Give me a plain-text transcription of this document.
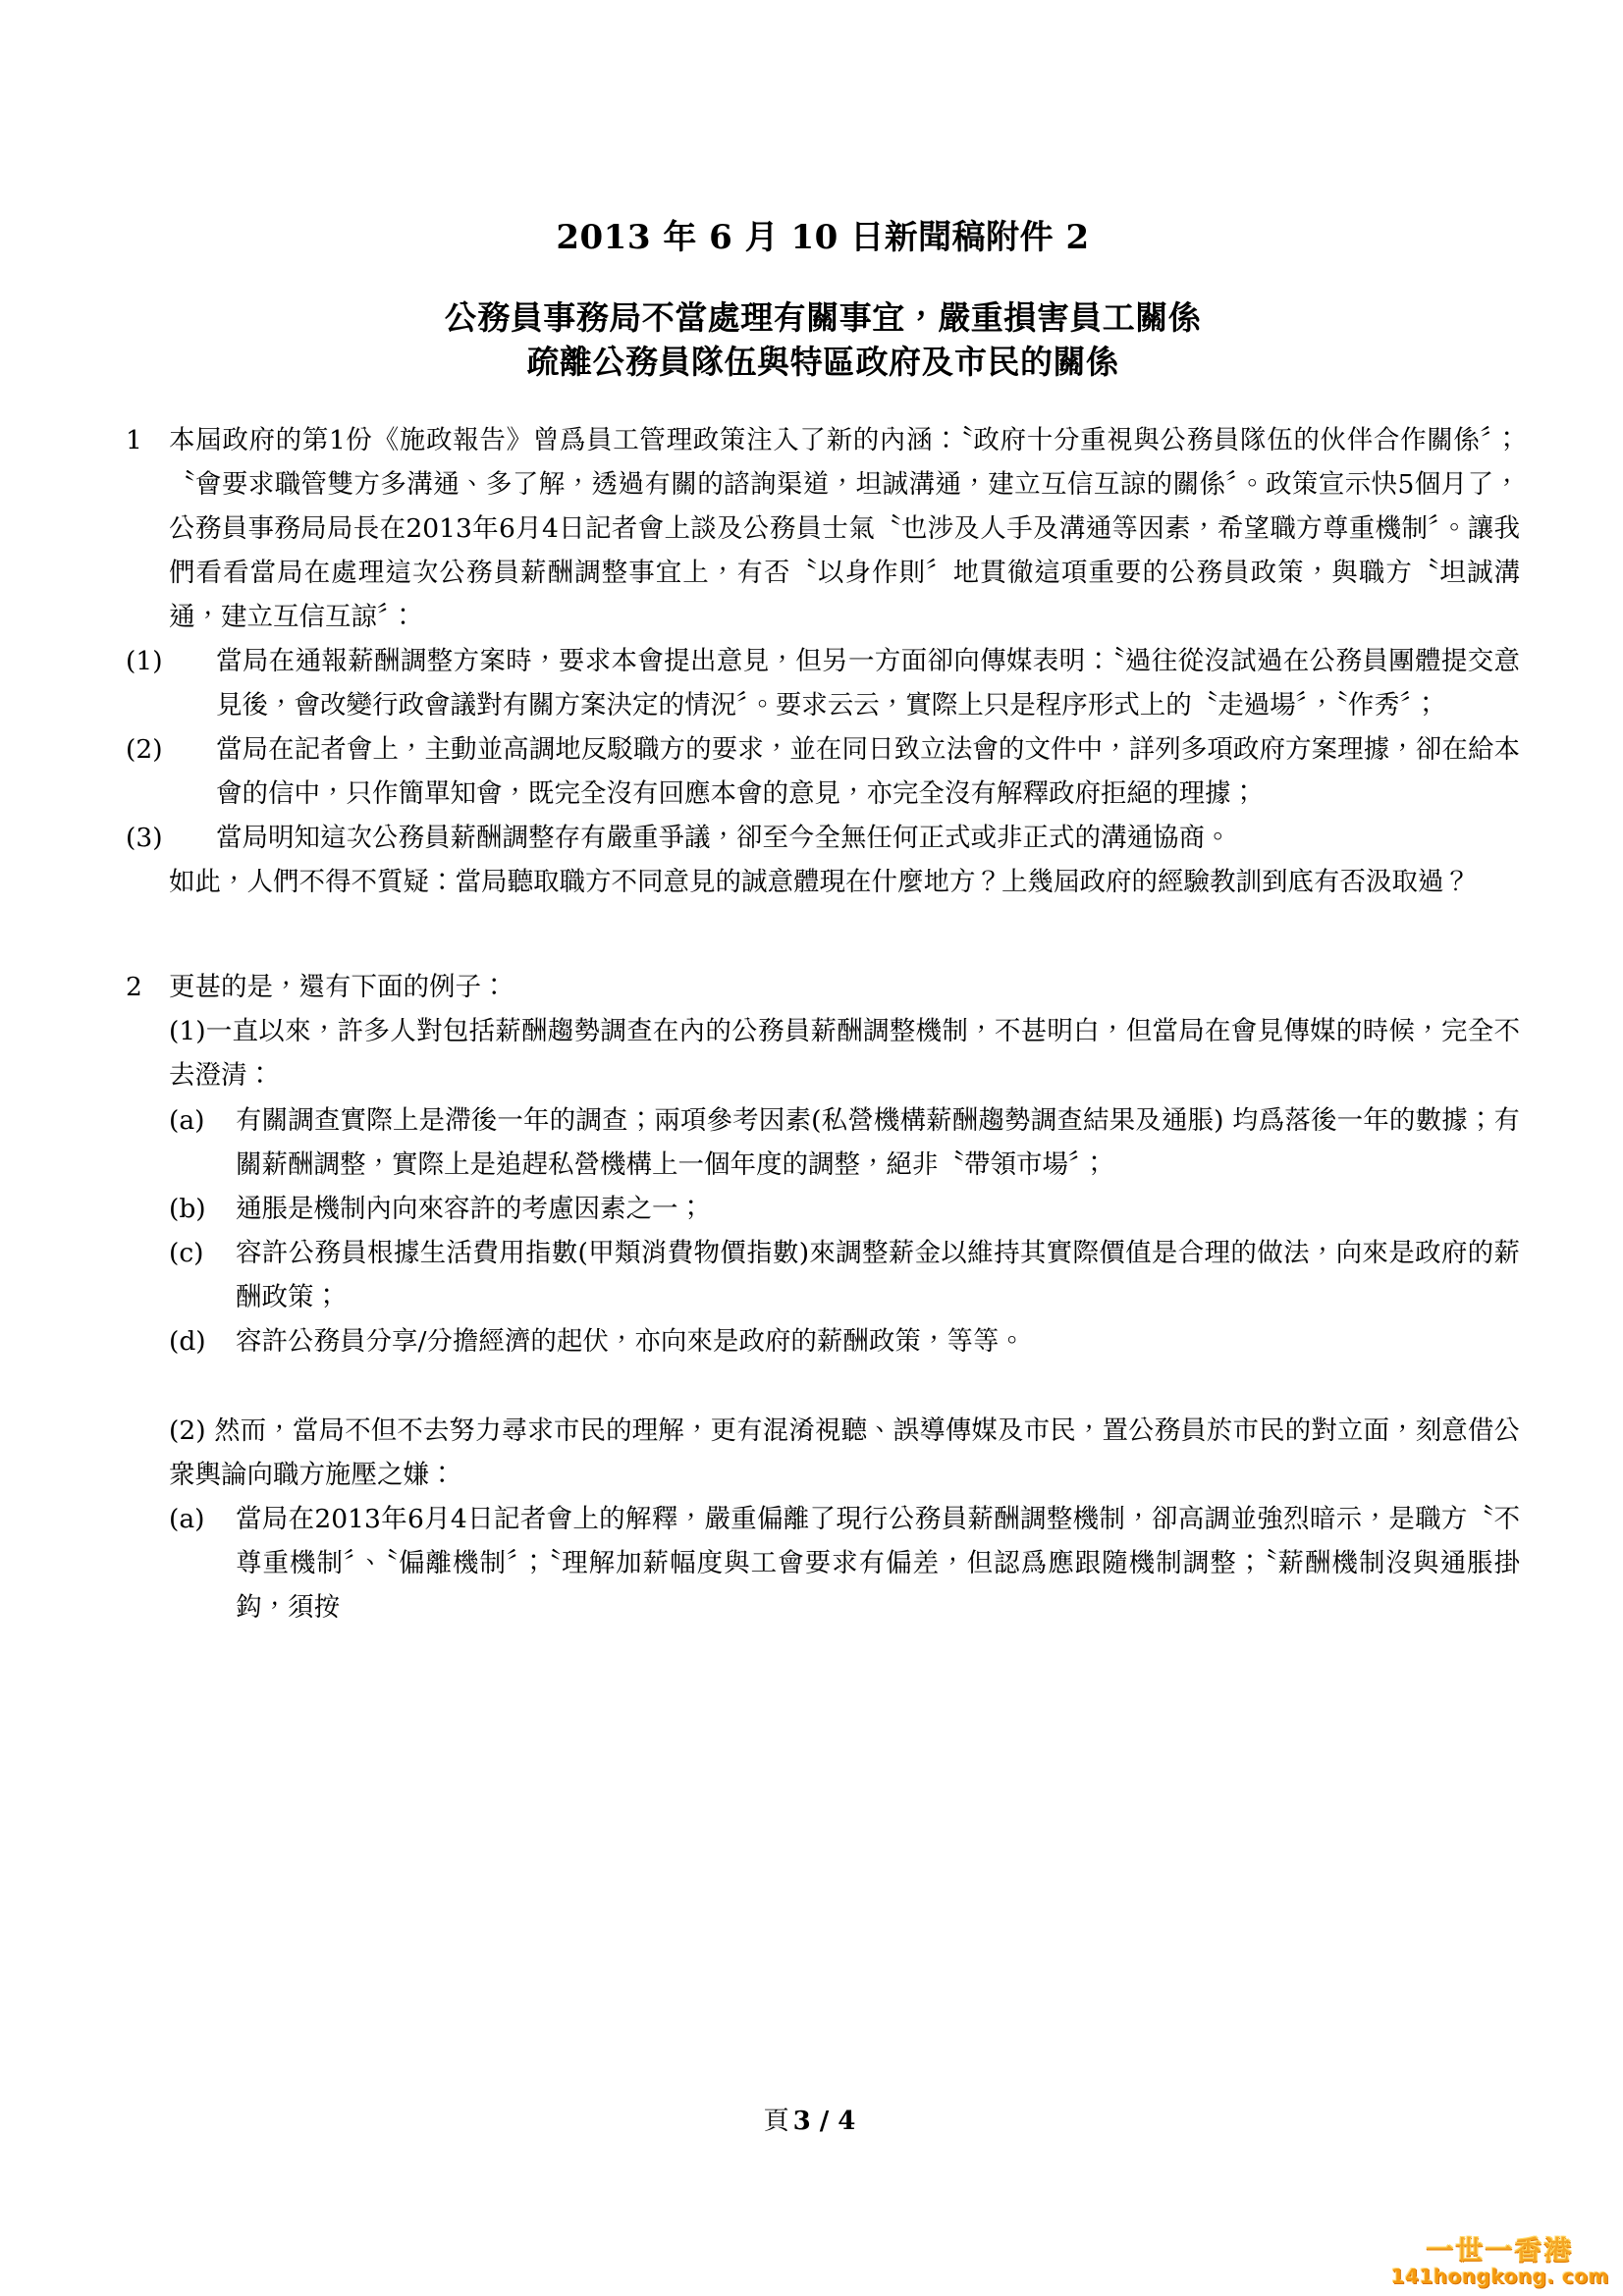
2013 年 6 月 10 日新聞稿附件 2
公務員事務局不當處理有關事宜，嚴重損害員工關係
疏離公務員隊伍與特區政府及市民的關係
1 本屆政府的第1份《施政報告》曾爲員工管理政策注入了新的內涵：〝政府十分重視與公務員隊伍的伙伴合作關係〞；〝會要求職管雙方多溝通、多了解，透過有關的諮詢渠道，坦誠溝通，建立互信互諒的關係〞。政策宣示快5個月了，公務員事務局局長在2013年6月4日記者會上談及公務員士氣〝也涉及人手及溝通等因素，希望職方尊重機制〞。讓我們看看當局在處理這次公務員薪酬調整事宜上，有否〝以身作則〞地貫徹這項重要的公務員政策，與職方〝坦誠溝通，建立互信互諒〞：
(1)	當局在通報薪酬調整方案時，要求本會提出意見，但另一方面卻向傳媒表明：〝過往從沒試過在公務員團體提交意見後，會改變行政會議對有關方案決定的情況〞。要求云云，實際上只是程序形式上的〝走過場〞，〝作秀〞；
(2)	當局在記者會上，主動並高調地反駁職方的要求，並在同日致立法會的文件中，詳列多項政府方案理據，卻在給本會的信中，只作簡單知會，既完全沒有回應本會的意見，亦完全沒有解釋政府拒絕的理據；
(3)	當局明知這次公務員薪酬調整存有嚴重爭議，卻至今全無任何正式或非正式的溝通協商。
如此，人們不得不質疑：當局聽取職方不同意見的誠意體現在什麼地方？上幾屆政府的經驗教訓到底有否汲取過？
2 更甚的是，還有下面的例子：
(1)一直以來，許多人對包括薪酬趨勢調查在內的公務員薪酬調整機制，不甚明白，但當局在會見傳媒的時候，完全不去澄清：
(a)	有關調查實際上是滯後一年的調查；兩項參考因素(私營機構薪酬趨勢調查結果及通脹) 均爲落後一年的數據；有關薪酬調整，實際上是追趕私營機構上一個年度的調整，絕非〝帶領市場〞；
(b)	通脹是機制內向來容許的考慮因素之一；
(c)	容許公務員根據生活費用指數(甲類消費物價指數)來調整薪金以維持其實際價值是合理的做法，向來是政府的薪酬政策；
(d)	容許公務員分享/分擔經濟的起伏，亦向來是政府的薪酬政策，等等。
(2) 然而，當局不但不去努力尋求市民的理解，更有混淆視聽、誤導傳媒及市民，置公務員於市民的對立面，刻意借公衆輿論向職方施壓之嫌：
(a)	當局在2013年6月4日記者會上的解釋，嚴重偏離了現行公務員薪酬調整機制，卻高調並強烈暗示，是職方〝不尊重機制〞、〝偏離機制〞；〝理解加薪幅度與工會要求有偏差，但認爲應跟隨機制調整；〝薪酬機制沒與通脹掛鈎，須按
頁 3 / 4
一世一香港
141hongkong. com
